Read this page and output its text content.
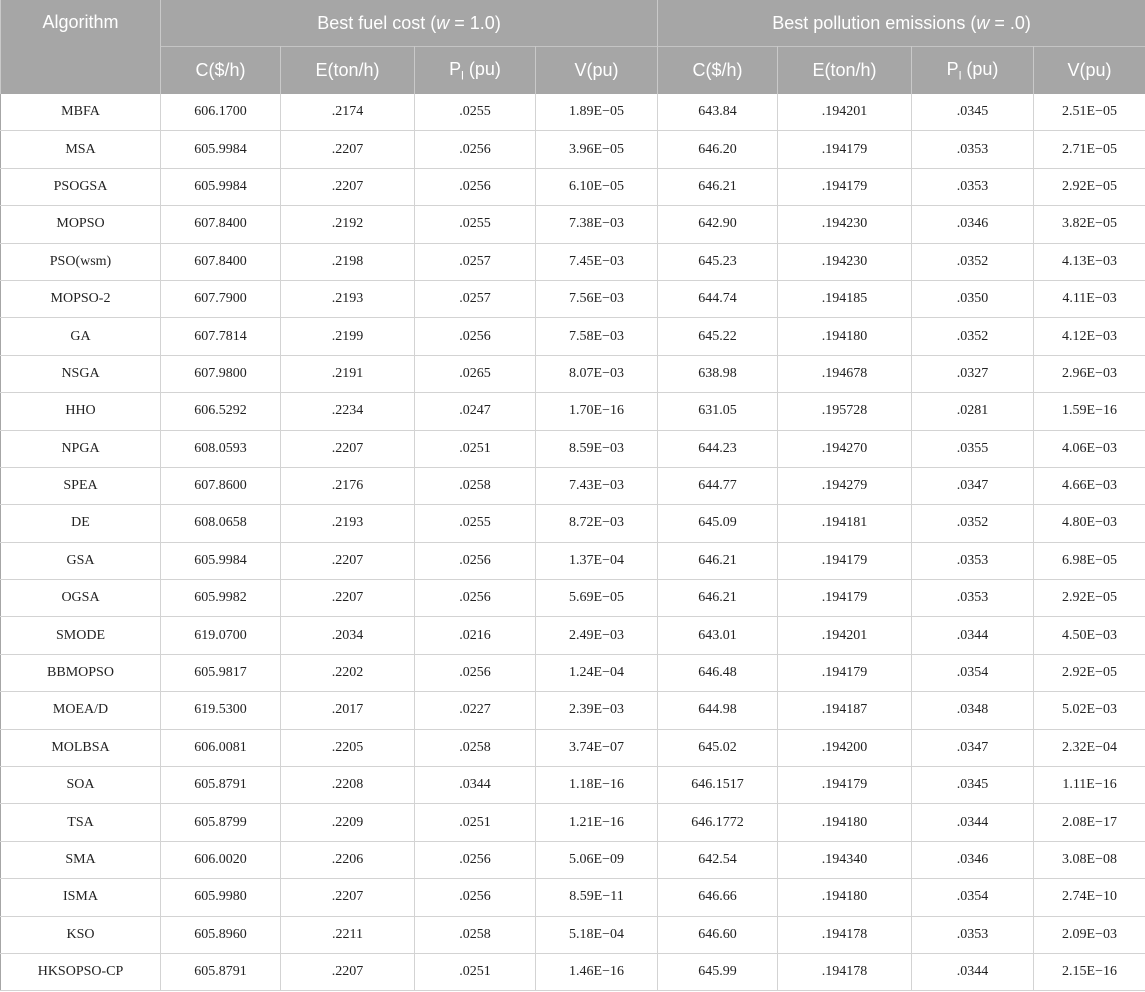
Algorithm	Best fuel cost (w = 1.0)				Best pollution emissions (w = .0)			
	C($/h)	E(ton/h)	$P_l$ (pu)	V(pu)	C($/h)	E(ton/h)	$P_l$ (pu)	V(pu)
MBFA	606.1700	.2174	.0255	1.89E−05	643.84	.194201	.0345	2.51E−05
MSA	605.9984	.2207	.0256	3.96E−05	646.20	.194179	.0353	2.71E−05
PSOGSA	605.9984	.2207	.0256	6.10E−05	646.21	.194179	.0353	2.92E−05
MOPSO	607.8400	.2192	.0255	7.38E−03	642.90	.194230	.0346	3.82E−05
PSO(wsm)	607.8400	.2198	.0257	7.45E−03	645.23	.194230	.0352	4.13E−03
MOPSO-2	607.7900	.2193	.0257	7.56E−03	644.74	.194185	.0350	4.11E−03
GA	607.7814	.2199	.0256	7.58E−03	645.22	.194180	.0352	4.12E−03
NSGA	607.9800	.2191	.0265	8.07E−03	638.98	.194678	.0327	2.96E−03
HHO	606.5292	.2234	.0247	1.70E−16	631.05	.195728	.0281	1.59E−16
NPGA	608.0593	.2207	.0251	8.59E−03	644.23	.194270	.0355	4.06E−03
SPEA	607.8600	.2176	.0258	7.43E−03	644.77	.194279	.0347	4.66E−03
DE	608.0658	.2193	.0255	8.72E−03	645.09	.194181	.0352	4.80E−03
GSA	605.9984	.2207	.0256	1.37E−04	646.21	.194179	.0353	6.98E−05
OGSA	605.9982	.2207	.0256	5.69E−05	646.21	.194179	.0353	2.92E−05
SMODE	619.0700	.2034	.0216	2.49E−03	643.01	.194201	.0344	4.50E−03
BBMOPSO	605.9817	.2202	.0256	1.24E−04	646.48	.194179	.0354	2.92E−05
MOEA/D	619.5300	.2017	.0227	2.39E−03	644.98	.194187	.0348	5.02E−03
MOLBSA	606.0081	.2205	.0258	3.74E−07	645.02	.194200	.0347	2.32E−04
SOA	605.8791	.2208	.0344	1.18E−16	646.1517	.194179	.0345	1.11E−16
TSA	605.8799	.2209	.0251	1.21E−16	646.1772	.194180	.0344	2.08E−17
SMA	606.0020	.2206	.0256	5.06E−09	642.54	.194340	.0346	3.08E−08
ISMA	605.9980	.2207	.0256	8.59E−11	646.66	.194180	.0354	2.74E−10
KSO	605.8960	.2211	.0258	5.18E−04	646.60	.194178	.0353	2.09E−03
HKSOPSO-CP	605.8791	.2207	.0251	1.46E−16	645.99	.194178	.0344	2.15E−16
